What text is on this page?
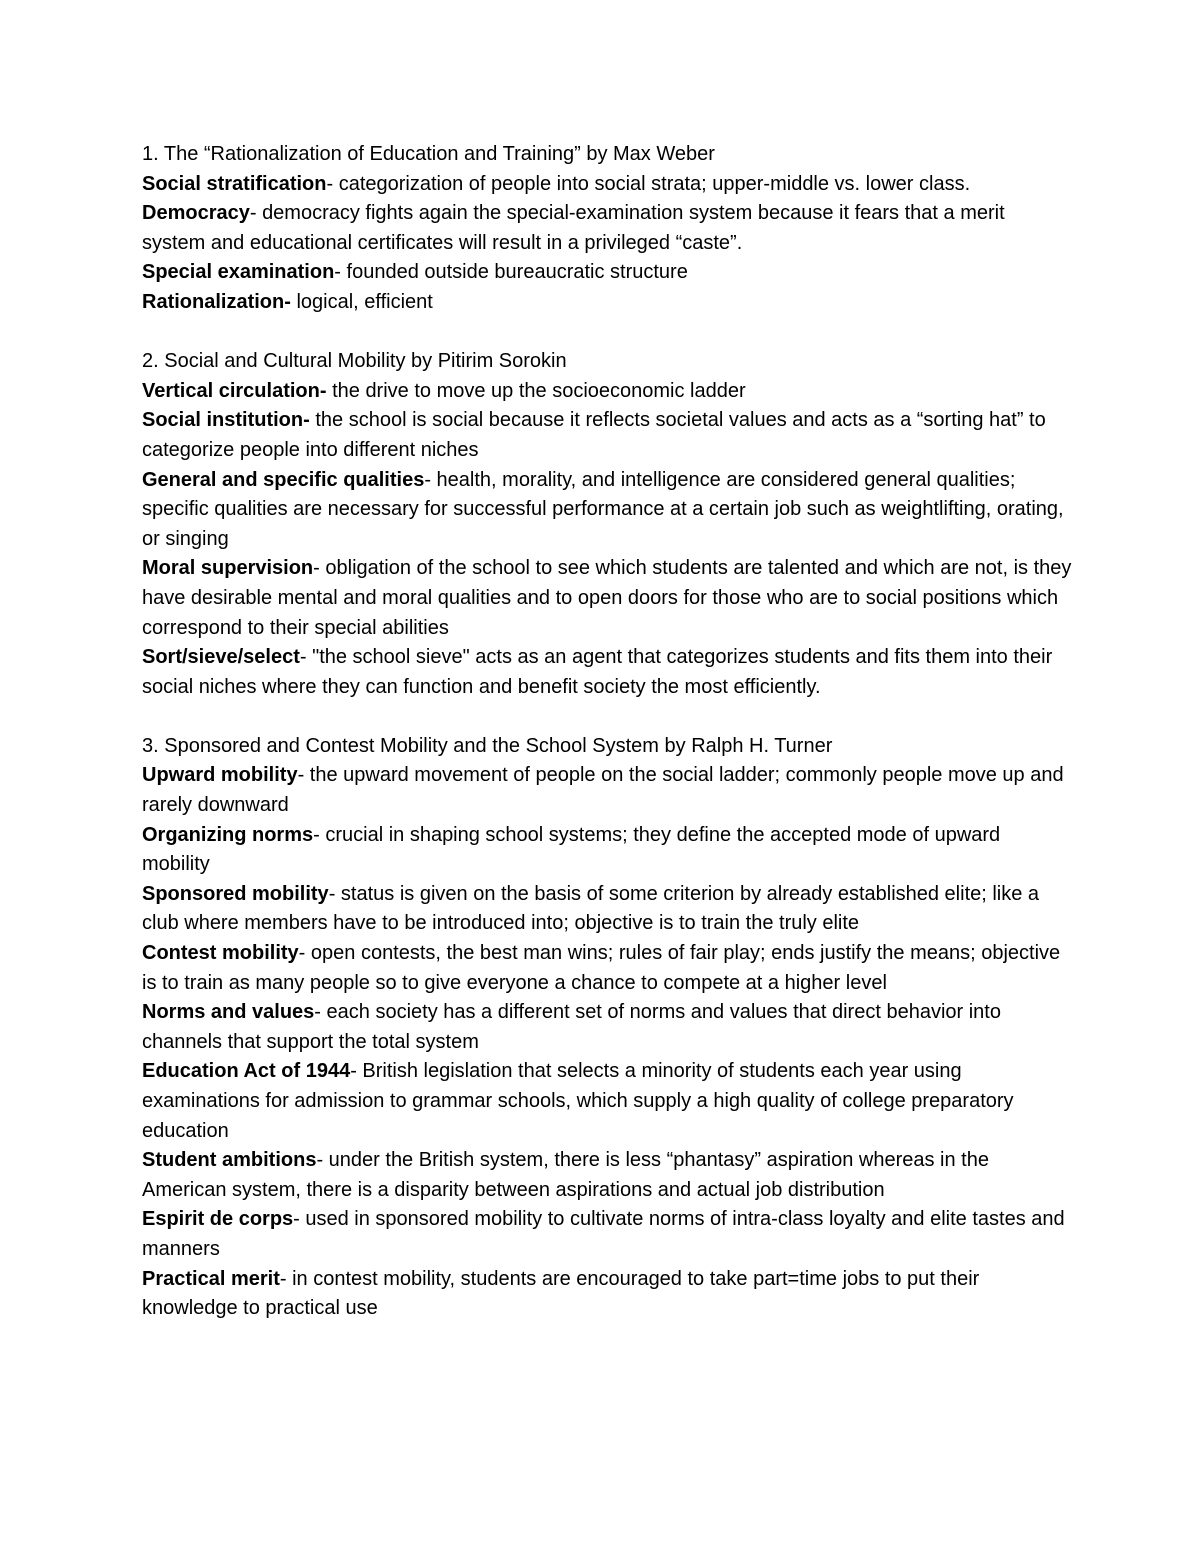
1. The “Rationalization of Education and Training” by Max Weber

Social stratification- categorization of people into social strata; upper-middle vs. lower class.

Democracy- democracy fights again the special-examination system because it fears that a merit system and educational certificates will result in a privileged “caste”.

Special examination- founded outside bureaucratic structure

Rationalization- logical, efficient

2. Social and Cultural Mobility by Pitirim Sorokin

Vertical circulation- the drive to move up the socioeconomic ladder

Social institution- the school is social because it reflects societal values and acts as a “sorting hat” to categorize people into different niches

General and specific qualities- health, morality, and intelligence are considered general qualities; specific qualities are necessary for successful performance at a certain job such as weightlifting, orating, or singing

Moral supervision- obligation of the school to see which students are talented and which are not, is they have desirable mental and moral qualities and to open doors for those who are to social positions which correspond to their special abilities

Sort/sieve/select- "the school sieve" acts as an agent that categorizes students and fits them into their social niches where they can function and benefit society the most efficiently.

3. Sponsored and Contest Mobility and the School System by Ralph H. Turner

Upward mobility- the upward movement of people on the social ladder; commonly people move up and rarely downward

Organizing norms- crucial in shaping school systems; they define the accepted mode of upward mobility

Sponsored mobility- status is given on the basis of some criterion by already established elite; like a club where members have to be introduced into; objective is to train the truly elite

Contest mobility- open contests, the best man wins; rules of fair play; ends justify the means; objective is to train as many people so to give everyone a chance to compete at a higher level

Norms and values- each society has a different set of norms and values that direct behavior into channels that support the total system

Education Act of 1944- British legislation that selects a minority of students each year using examinations for admission to grammar schools, which supply a high quality of college preparatory education

Student ambitions- under the British system, there is less “phantasy” aspiration whereas in the American system, there is a disparity between aspirations and actual job distribution

Espirit de corps- used in sponsored mobility to cultivate norms of intra-class loyalty and elite tastes and manners

Practical merit- in contest mobility, students are encouraged to take part=time jobs to put their knowledge to practical use
